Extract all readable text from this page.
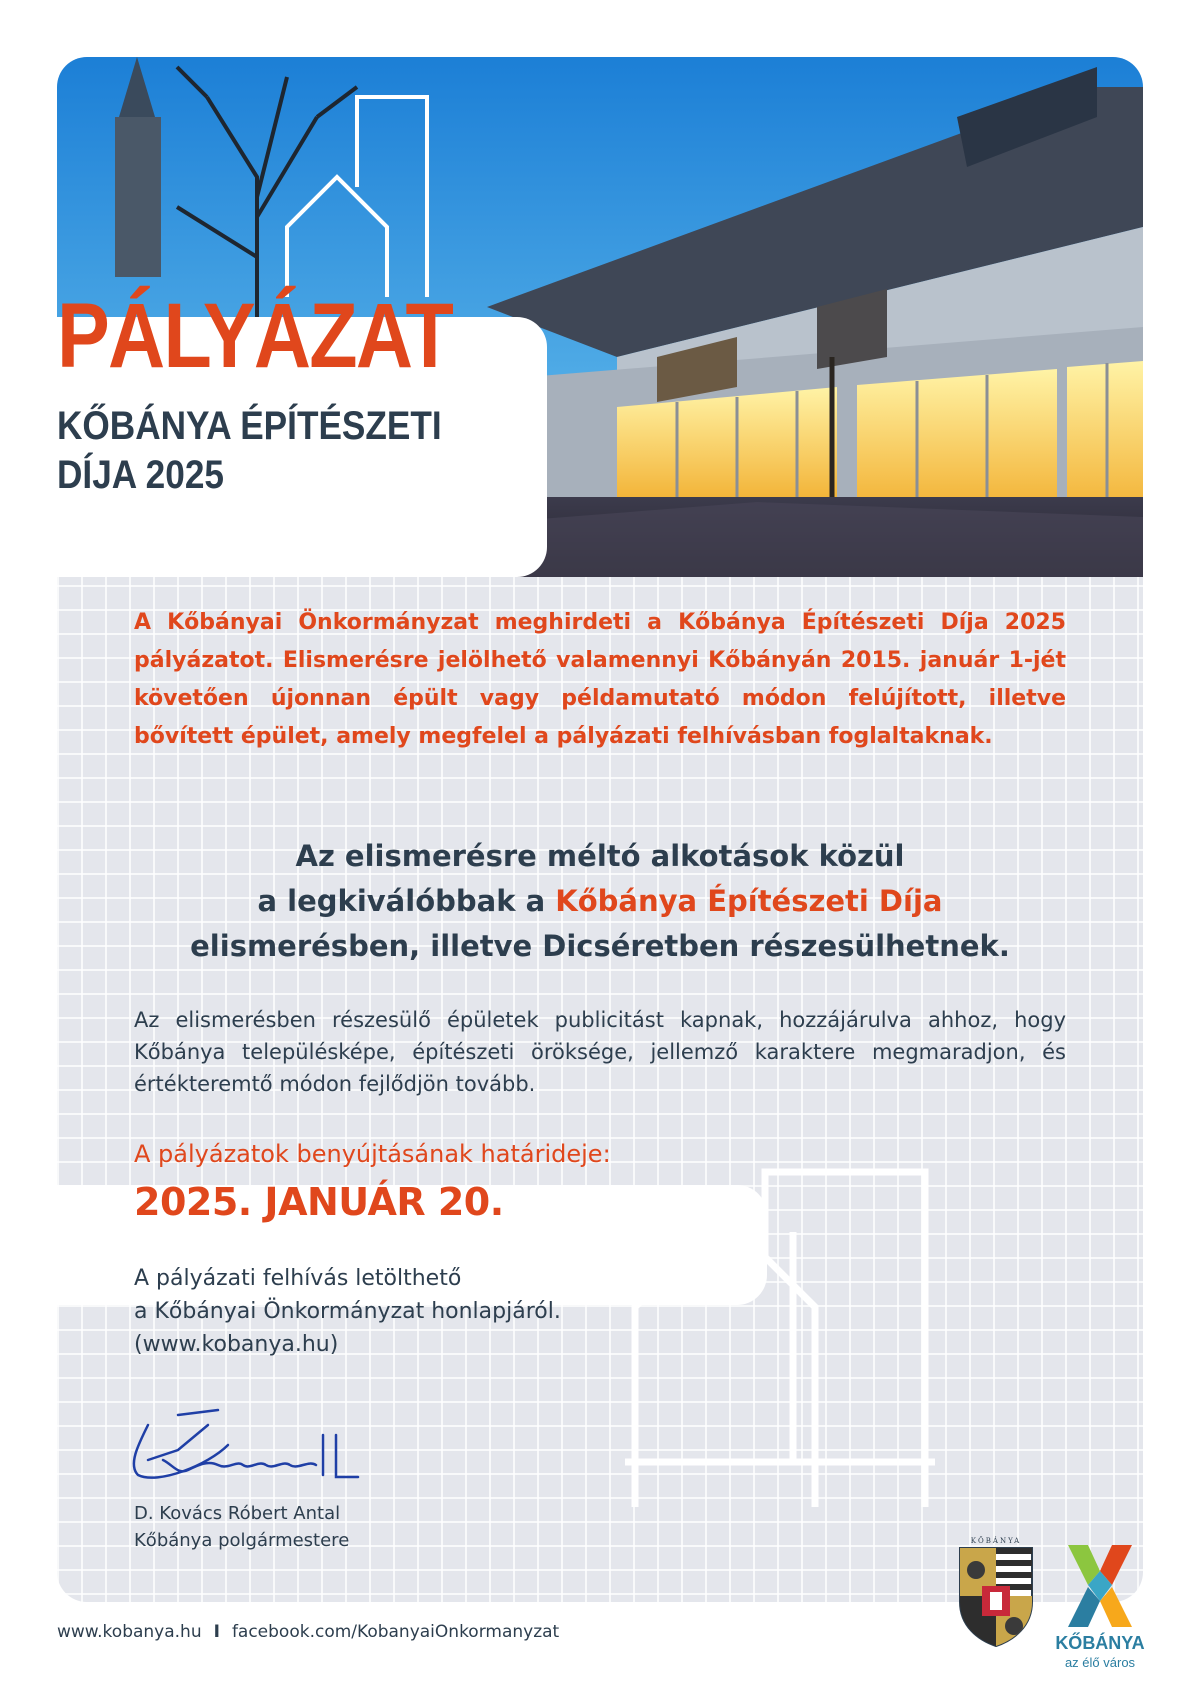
PÁLYÁZAT
KŐBÁNYA ÉPÍTÉSZETI
DÍJA 2025
A Kőbányai Önkormányzat meghirdeti a Kőbánya Építészeti Díja 2025 pályázatot. Elismerésre jelölhető valamennyi Kőbányán 2015. január 1-jét követően újonnan épült vagy példamutató módon felújított, illetve bővített épület, amely megfelel a pályázati felhívásban foglaltaknak.
Az elismerésre méltó alkotások közül
a legkiválóbbak a Kőbánya Építészeti Díja
elismerésben, illetve Dicséretben részesülhetnek.
Az elismerésben részesülő épületek publicitást kapnak, hozzájárulva ahhoz, hogy Kőbánya településképe, építészeti öröksége, jellemző karaktere megmaradjon, és értékteremtő módon fejlődjön tovább.
A pályázatok benyújtásának határideje:
2025. JANUÁR 20.
A pályázati felhívás letölthető
a Kőbányai Önkormányzat honlapjáról.
(www.kobanya.hu)
D. Kovács Róbert Antal
Kőbánya polgármestere
www.kobanya.hu I facebook.com/KobanyaiOnkormanyzat
KŐBÁNYA
KŐBÁNYA
az élő város
